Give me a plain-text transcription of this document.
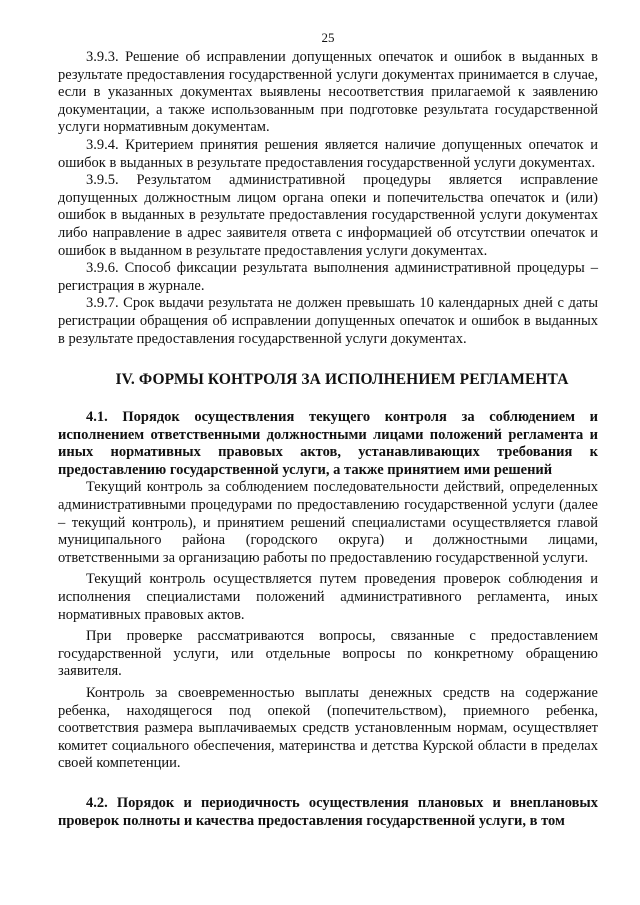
25

3.9.3. Решение об исправлении допущенных опечаток и ошибок в выданных в результате предоставления государственной услуги документах принимается в случае, если в указанных документах выявлены несоответствия прилагаемой к заявлению документации, а также использованным при подготовке результата государственной услуги нормативным документам.

3.9.4. Критерием принятия решения является наличие допущенных опечаток и ошибок в выданных в результате предоставления государственной услуги документах.

3.9.5. Результатом административной процедуры является исправление допущенных должностным лицом органа опеки и попечительства опечаток и (или) ошибок в выданных в результате предоставления государственной услуги документах либо направление в адрес заявителя ответа с информацией об отсутствии опечаток и ошибок в выданном в результате предоставления услуги документах.

3.9.6. Способ фиксации результата выполнения административной процедуры – регистрация в журнале.

3.9.7. Срок выдачи результата не должен превышать 10 календарных дней с даты регистрации обращения об исправлении допущенных опечаток и ошибок в выданных в результате предоставления государственной услуги документах.

IV. ФОРМЫ КОНТРОЛЯ ЗА ИСПОЛНЕНИЕМ РЕГЛАМЕНТА

4.1. Порядок осуществления текущего контроля за соблюдением и исполнением ответственными должностными лицами положений регламента и иных нормативных правовых актов, устанавливающих требования к предоставлению государственной услуги, а также принятием ими решений

Текущий контроль за соблюдением последовательности действий, определенных административными процедурами по предоставлению государственной услуги (далее – текущий контроль), и принятием решений специалистами осуществляется главой муниципального района (городского округа) и должностными лицами, ответственными за организацию работы по предоставлению государственной услуги.

Текущий контроль осуществляется путем проведения проверок соблюдения и исполнения специалистами положений административного регламента, иных нормативных правовых актов.

При проверке рассматриваются вопросы, связанные с предоставлением государственной услуги, или отдельные вопросы по конкретному обращению заявителя.

Контроль за своевременностью выплаты денежных средств на содержание ребенка, находящегося под опекой (попечительством), приемного ребенка, соответствия размера выплачиваемых средств установленным нормам, осуществляет комитет социального обеспечения, материнства и детства Курской области в пределах своей компетенции.

4.2. Порядок и периодичность осуществления плановых и внеплановых проверок полноты и качества предоставления государственной услуги, в том
